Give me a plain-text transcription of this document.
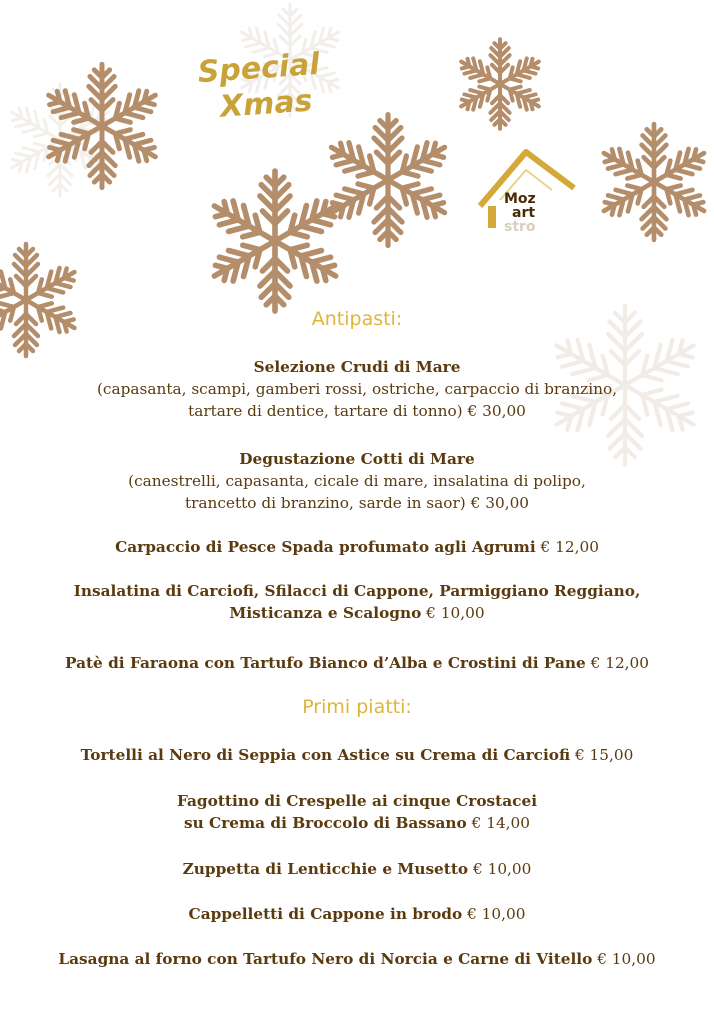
Special
Xmas
Moz
art
stro
Antipasti:
Selezione Crudi di Mare
(capasanta, scampi, gamberi rossi, ostriche, carpaccio di branzino,
tartare di dentice, tartare di tonno) € 30,00
Degustazione Cotti di Mare
(canestrelli, capasanta, cicale di mare, insalatina di polipo,
trancetto di branzino, sarde in saor) € 30,00
Carpaccio di Pesce Spada profumato agli Agrumi € 12,00
Insalatina di Carciofi, Sfilacci di Cappone, Parmiggiano Reggiano,
Misticanza e Scalogno € 10,00
Patè di Faraona con Tartufo Bianco d’Alba e Crostini di Pane € 12,00
Primi piatti:
Tortelli al Nero di Seppia con Astice su Crema di Carciofi € 15,00
Fagottino di Crespelle ai cinque Crostacei
su Crema di Broccolo di Bassano € 14,00
Zuppetta di Lenticchie e Musetto € 10,00
Cappelletti di Cappone in brodo € 10,00
Lasagna al forno con Tartufo Nero di Norcia e Carne di Vitello € 10,00
